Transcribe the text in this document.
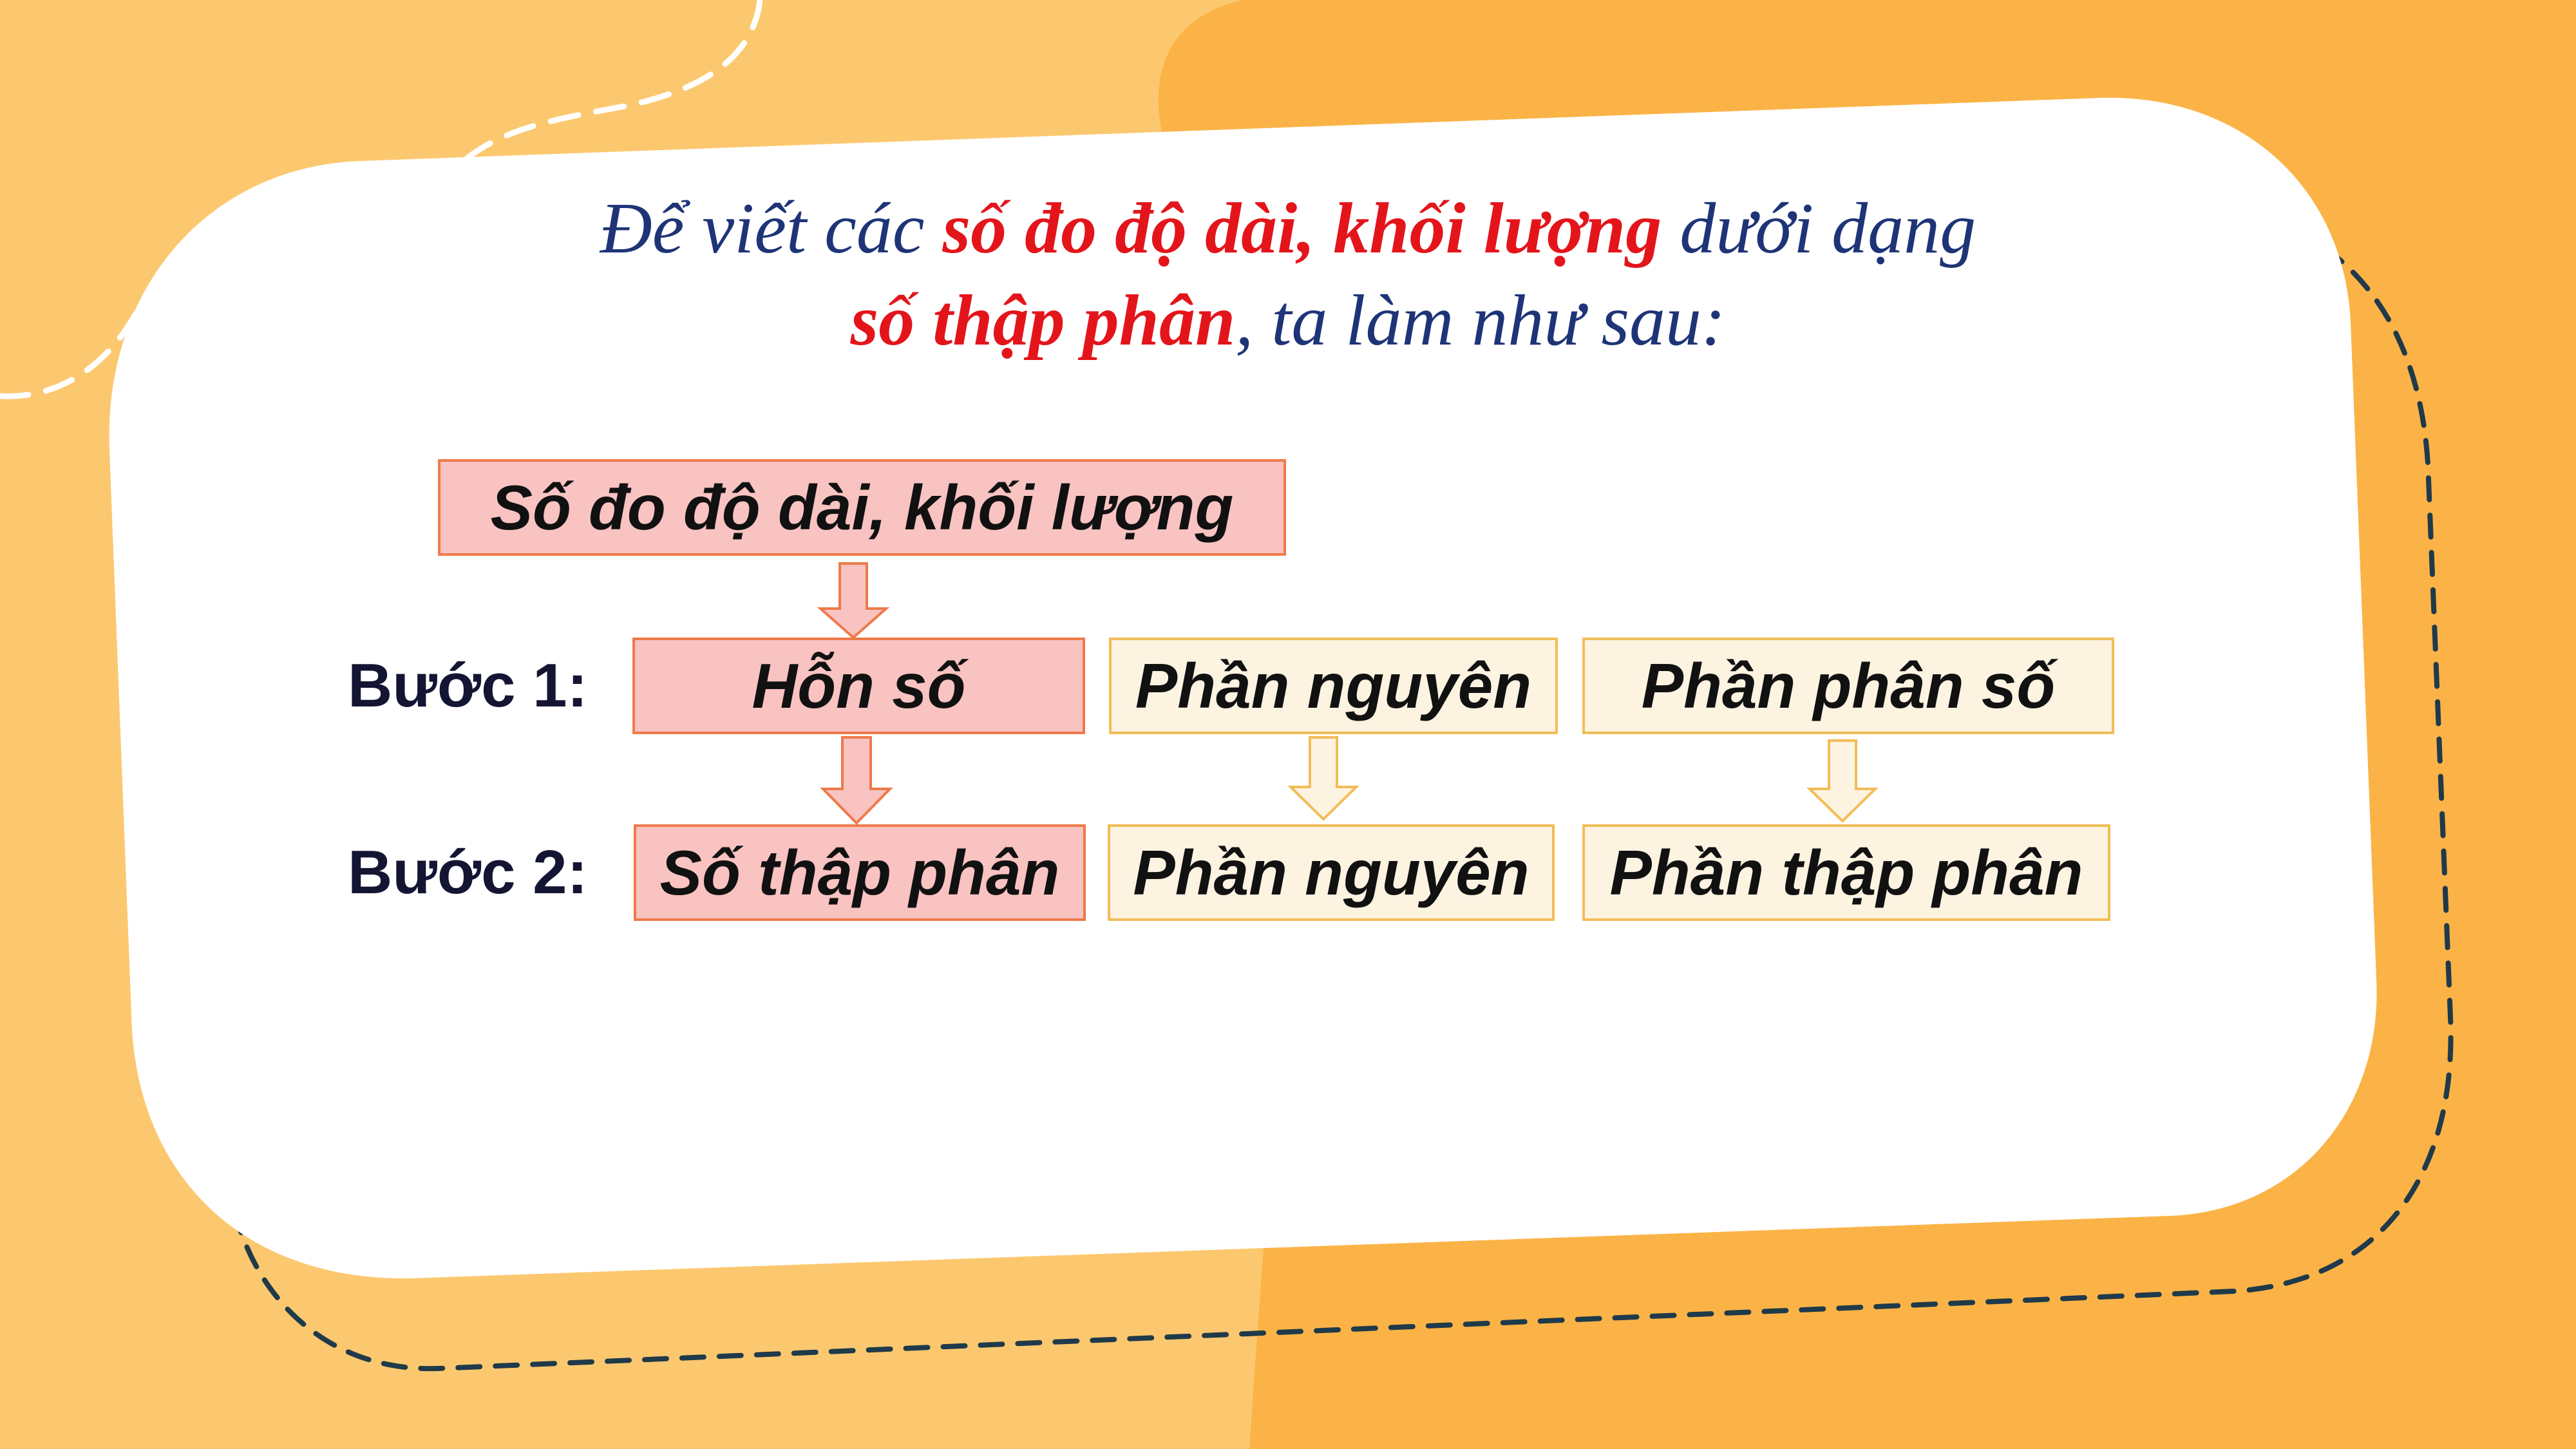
Để viết các số đo độ dài, khối lượng dưới dạng
số thập phân, ta làm như sau:
Số đo độ dài, khối lượng
Bước 1:	Hỗn số	Phần nguyên	Phần phân số
Bước 2:	Số thập phân	Phần nguyên	Phần thập phân
